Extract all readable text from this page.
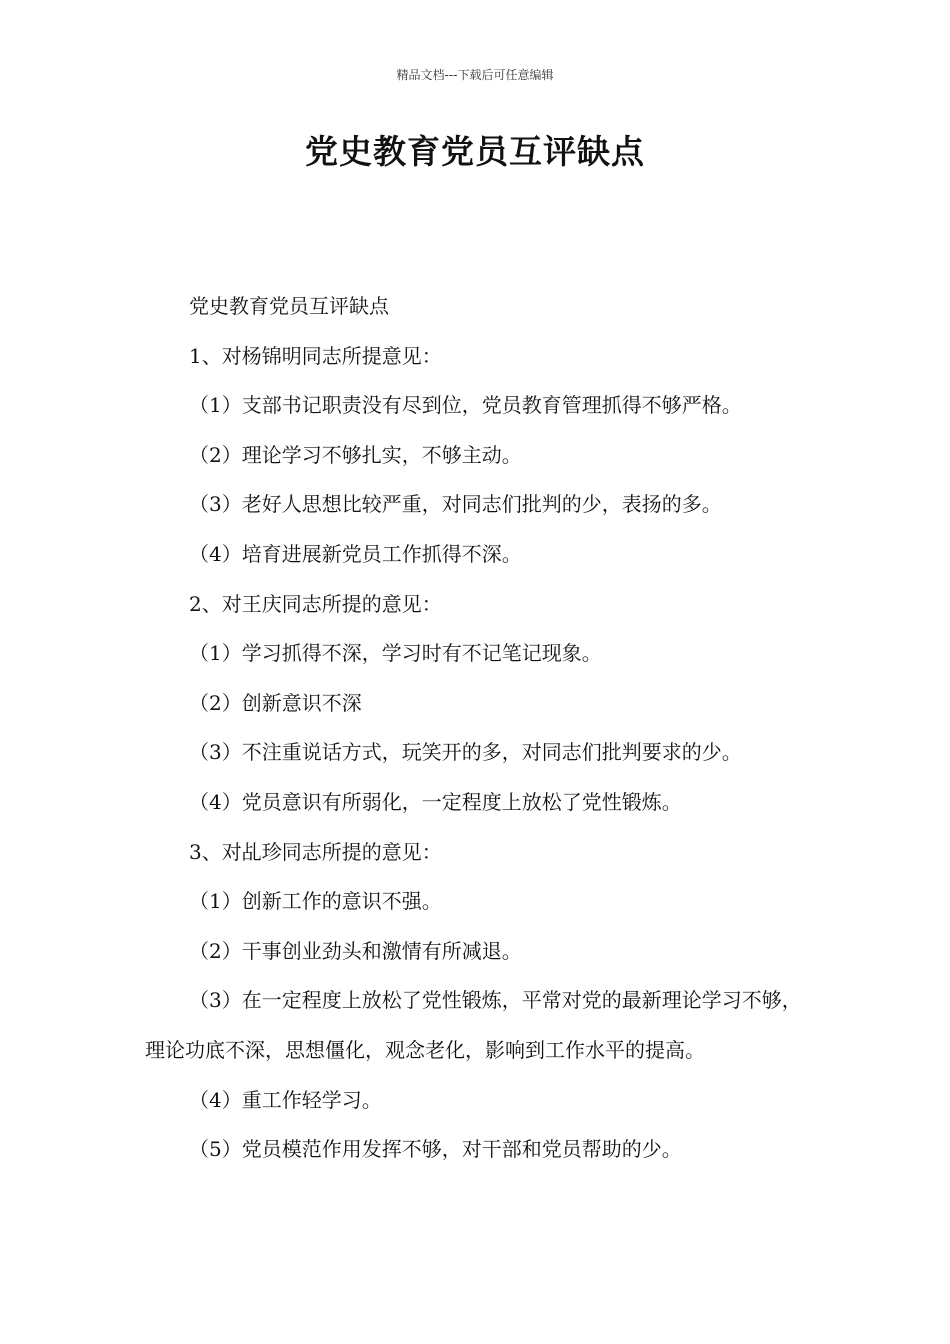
精品文档---下载后可任意编辑
党史教育党员互评缺点

党史教育党员互评缺点

1、对杨锦明同志所提意见：

（1）支部书记职责没有尽到位，党员教育管理抓得不够严格。

（2）理论学习不够扎实，不够主动。

（3）老好人思想比较严重，对同志们批判的少，表扬的多。

（4）培育进展新党员工作抓得不深。

2、对王庆同志所提的意见：

（1）学习抓得不深，学习时有不记笔记现象。

（2）创新意识不深

（3）不注重说话方式，玩笑开的多，对同志们批判要求的少。

（4）党员意识有所弱化，一定程度上放松了党性锻炼。

3、对乩珍同志所提的意见：

（1）创新工作的意识不强。

（2）干事创业劲头和激情有所减退。

（3）在一定程度上放松了党性锻炼，平常对党的最新理论学习不够，理论功底不深，思想僵化，观念老化，影响到工作水平的提高。

（4）重工作轻学习。

（5）党员模范作用发挥不够，对干部和党员帮助的少。
